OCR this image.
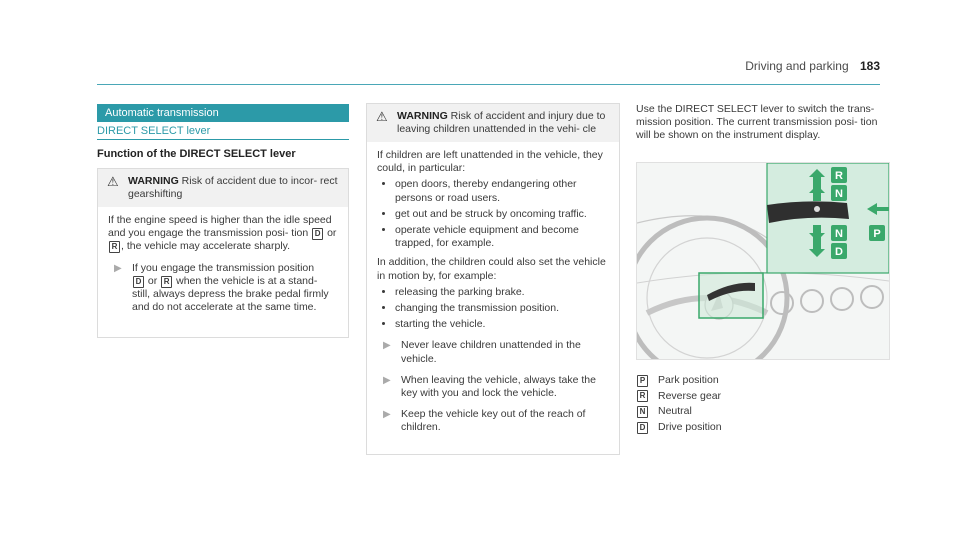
Driving and parking 183
Automatic transmission
DIRECT SELECT lever
Function of the DIRECT SELECT lever
⚠ WARNING Risk of accident due to incor- rect gearshifting

If the engine speed is higher than the idle speed and you engage the transmission posi- tion D or R , the vehicle may accelerate sharply.

▶ If you engage the transmission position
D or R when the vehicle is at a stand- still, always depress the brake pedal firmly and do not accelerate at the same time.
⚠ WARNING Risk of accident and injury due to leaving children unattended in the vehi- cle
If children are left unattended in the vehicle, they could, in particular:
• open doors, thereby endangering other persons or road users.
• get out and be struck by oncoming traffic.
• operate vehicle equipment and become trapped, for example.
In addition, the children could also set the vehicle in motion by, for example:
• releasing the parking brake.
• changing the transmission position.
• starting the vehicle.
▶ Never leave children unattended in the vehicle.
▶ When leaving the vehicle, always take the key with you and lock the vehicle.
▶ Keep the vehicle key out of the reach of children.
Use the DIRECT SELECT lever to switch the trans- mission position. The current transmission posi- tion will be shown on the instrument display.
R
N
N
D
P
P Park position
R Reverse gear
N Neutral
D Drive position
